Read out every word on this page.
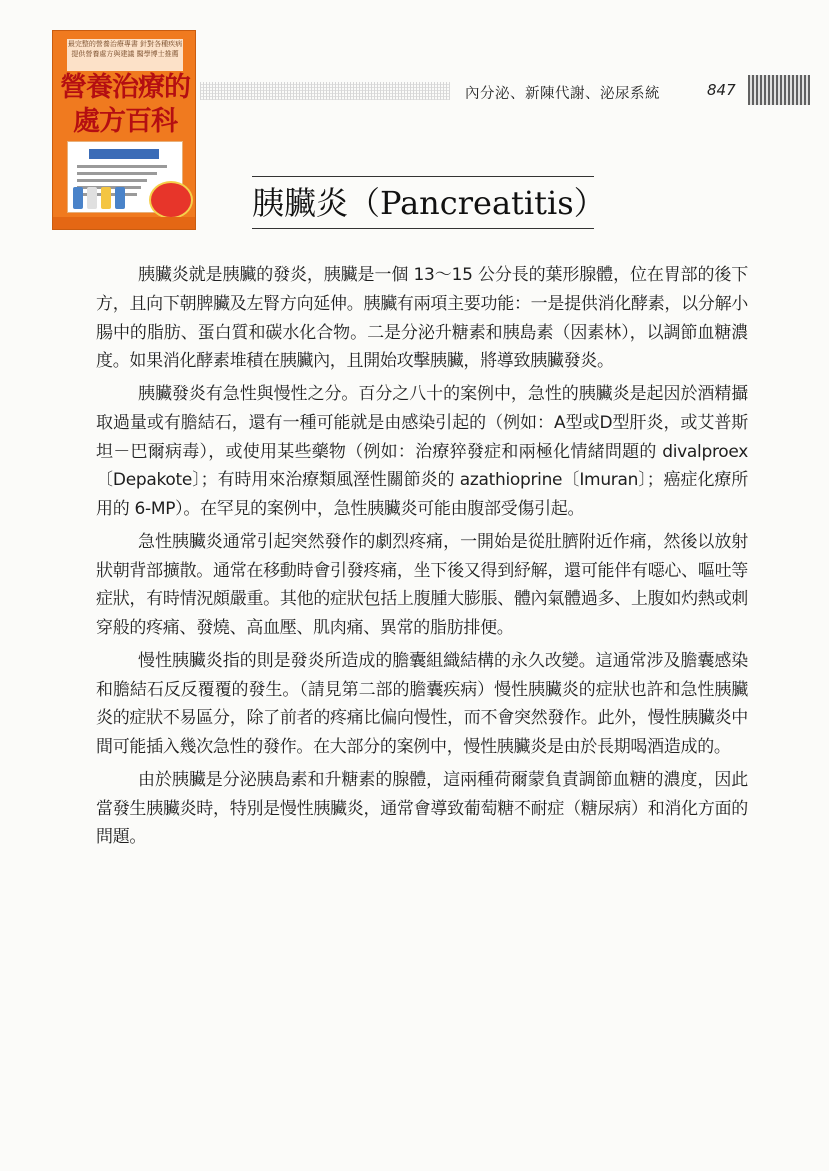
最完整的營養治療專書 針對各種疾病 提供營養處方與建議 醫學博士推薦
營養治療的處方百科
內分泌、新陳代謝、泌尿系統	847
胰臟炎（Pancreatitis）

胰臟炎就是胰臟的發炎，胰臟是一個 13～15 公分長的葉形腺體，位在胃部的後下方，且向下朝脾臟及左腎方向延伸。胰臟有兩項主要功能：一是提供消化酵素，以分解小腸中的脂肪、蛋白質和碳水化合物。二是分泌升糖素和胰島素（因素林），以調節血糖濃度。如果消化酵素堆積在胰臟內，且開始攻擊胰臟，將導致胰臟發炎。

胰臟發炎有急性與慢性之分。百分之八十的案例中，急性的胰臟炎是起因於酒精攝取過量或有膽結石，還有一種可能就是由感染引起的（例如：A型或D型肝炎，或艾普斯坦－巴爾病毒），或使用某些藥物（例如：治療猝發症和兩極化情緒問題的 divalproex〔Depakote〕；有時用來治療類風溼性關節炎的 azathioprine〔Imuran〕；癌症化療所用的 6-MP）。在罕見的案例中，急性胰臟炎可能由腹部受傷引起。

急性胰臟炎通常引起突然發作的劇烈疼痛，一開始是從肚臍附近作痛，然後以放射狀朝背部擴散。通常在移動時會引發疼痛，坐下後又得到紓解，還可能伴有噁心、嘔吐等症狀，有時情況頗嚴重。其他的症狀包括上腹腫大膨脹、體內氣體過多、上腹如灼熱或刺穿般的疼痛、發燒、高血壓、肌肉痛、異常的脂肪排便。

慢性胰臟炎指的則是發炎所造成的膽囊組織結構的永久改變。這通常涉及膽囊感染和膽結石反反覆覆的發生。（請見第二部的膽囊疾病）慢性胰臟炎的症狀也許和急性胰臟炎的症狀不易區分，除了前者的疼痛比偏向慢性，而不會突然發作。此外，慢性胰臟炎中間可能插入幾次急性的發作。在大部分的案例中，慢性胰臟炎是由於長期喝酒造成的。

由於胰臟是分泌胰島素和升糖素的腺體，這兩種荷爾蒙負責調節血糖的濃度，因此當發生胰臟炎時，特別是慢性胰臟炎，通常會導致葡萄糖不耐症（糖尿病）和消化方面的問題。
